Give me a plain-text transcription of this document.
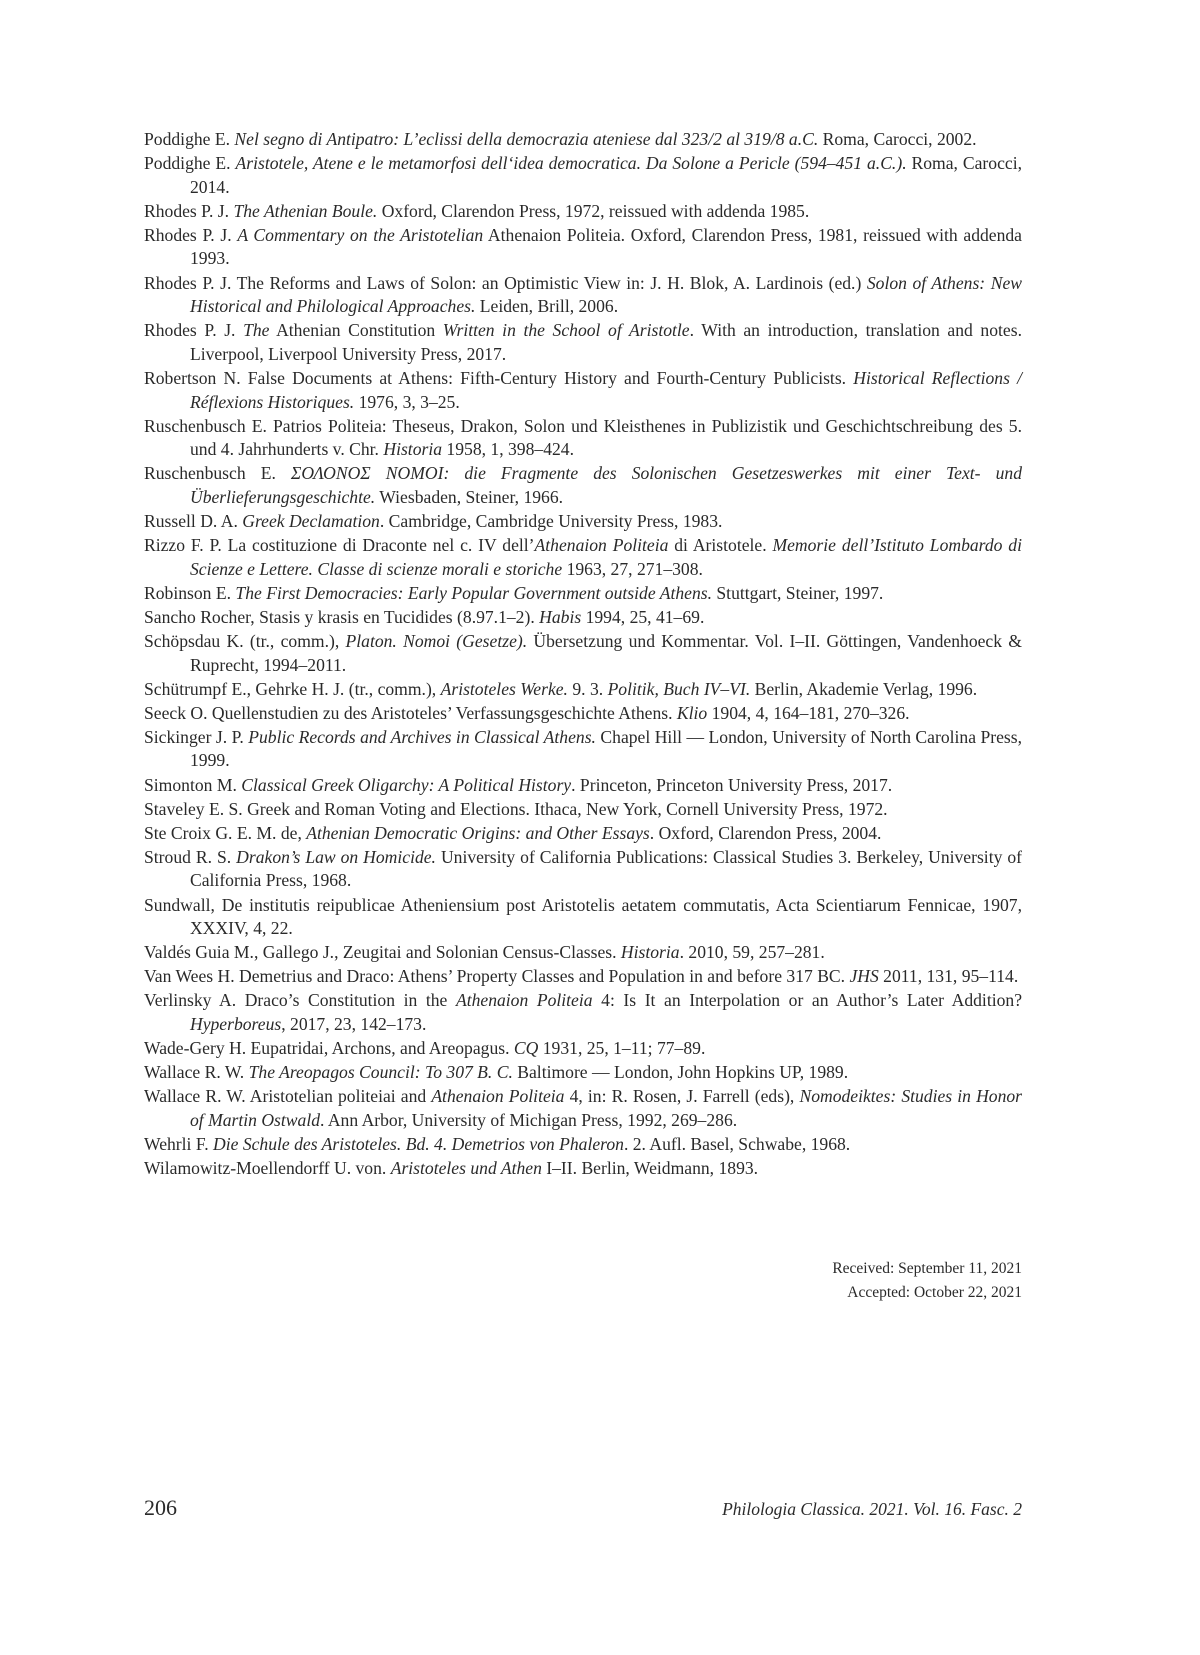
Poddighe E. Nel segno di Antipatro: L’eclissi della democrazia ateniese dal 323/2 al 319/8 a.C. Roma, Carocci, 2002.

Poddighe E. Aristotele, Atene e le metamorfosi dell‘idea democratica. Da Solone a Pericle (594–451 a.C.). Roma, Carocci, 2014.

Rhodes P. J. The Athenian Boule. Oxford, Clarendon Press, 1972, reissued with addenda 1985.

Rhodes P. J. A Commentary on the Aristotelian Athenaion Politeia. Oxford, Clarendon Press, 1981, reissued with addenda 1993.

Rhodes P. J. The Reforms and Laws of Solon: an Optimistic View in: J. H. Blok, A. Lardinois (ed.) Solon of Athens: New Historical and Philological Approaches. Leiden, Brill, 2006.

Rhodes P. J. The Athenian Constitution Written in the School of Aristotle. With an introduction, translation and notes. Liverpool, Liverpool University Press, 2017.

Robertson N. False Documents at Athens: Fifth-Century History and Fourth-Century Publicists. Historical Reflections / Réflexions Historiques. 1976, 3, 3–25.

Ruschenbusch E. Patrios Politeia: Theseus, Drakon, Solon und Kleisthenes in Publizistik und Geschichtschreibung des 5. und 4. Jahrhunderts v. Chr. Historia 1958, 1, 398–424.

Ruschenbusch E. ΣΟΛΟΝΟΣ ΝΟΜΟΙ: die Fragmente des Solonischen Gesetzeswerkes mit einer Text- und Überlieferungsgeschichte. Wiesbaden, Steiner, 1966.

Russell D. A. Greek Declamation. Cambridge, Cambridge University Press, 1983.

Rizzo F. P. La costituzione di Draconte nel c. IV dell’Athenaion Politeia di Aristotele. Memorie dell’Istituto Lombardo di Scienze e Lettere. Classe di scienze morali e storiche 1963, 27, 271–308.

Robinson E. The First Democracies: Early Popular Government outside Athens. Stuttgart, Steiner, 1997.

Sancho Rocher, Stasis y krasis en Tucidides (8.97.1–2). Habis 1994, 25, 41–69.

Schöpsdau K. (tr., comm.), Platon. Nomoi (Gesetze). Übersetzung und Kommentar. Vol. I–II. Göttingen, Vandenhoeck & Ruprecht, 1994–2011.

Schütrumpf E., Gehrke H. J. (tr., comm.), Aristoteles Werke. 9. 3. Politik, Buch IV–VI. Berlin, Akademie Verlag, 1996.

Seeck O. Quellenstudien zu des Aristoteles’ Verfassungsgeschichte Athens. Klio 1904, 4, 164–181, 270–326.

Sickinger J. P. Public Records and Archives in Classical Athens. Chapel Hill — London, University of North Carolina Press, 1999.

Simonton M. Classical Greek Oligarchy: A Political History. Princeton, Princeton University Press, 2017.

Staveley E. S. Greek and Roman Voting and Elections. Ithaca, New York, Cornell University Press, 1972.

Ste Croix G. E. M. de, Athenian Democratic Origins: and Other Essays. Oxford, Clarendon Press, 2004.

Stroud R. S. Drakon’s Law on Homicide. University of California Publications: Classical Studies 3. Berkeley, University of California Press, 1968.

Sundwall, De institutis reipublicae Atheniensium post Aristotelis aetatem commutatis, Acta Scientiarum Fennicae, 1907, XXXIV, 4, 22.

Valdés Guia M., Gallego J., Zeugitai and Solonian Census-Classes. Historia. 2010, 59, 257–281.

Van Wees H. Demetrius and Draco: Athens’ Property Classes and Population in and before 317 BC. JHS 2011, 131, 95–114.

Verlinsky A. Draco’s Constitution in the Athenaion Politeia 4: Is It an Interpolation or an Author’s Later Addition? Hyperboreus, 2017, 23, 142–173.

Wade-Gery H. Eupatridai, Archons, and Areopagus. CQ 1931, 25, 1–11; 77–89.

Wallace R. W. The Areopagos Council: To 307 B. C. Baltimore — London, John Hopkins UP, 1989.

Wallace R. W. Aristotelian politeiai and Athenaion Politeia 4, in: R. Rosen, J. Farrell (eds), Nomodeiktes: Studies in Honor of Martin Ostwald. Ann Arbor, University of Michigan Press, 1992, 269–286.

Wehrli F. Die Schule des Aristoteles. Bd. 4. Demetrios von Phaleron. 2. Aufl. Basel, Schwabe, 1968.

Wilamowitz-Moellendorff U. von. Aristoteles und Athen I–II. Berlin, Weidmann, 1893.

Received: September 11, 2021
Accepted: October 22, 2021
206	Philologia Classica. 2021. Vol. 16. Fasc. 2
